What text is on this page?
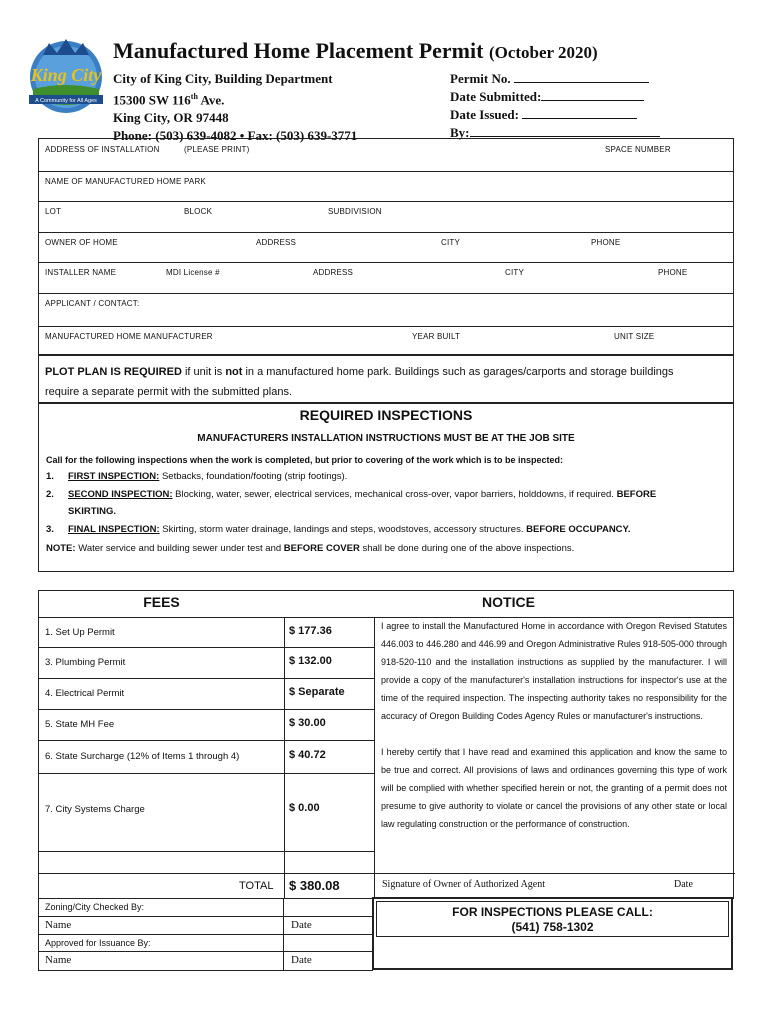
King City
A Community for All Ages
Manufactured Home Placement Permit (October 2020)
City of King City, Building Department
15300 SW 116th Ave.
King City, OR 97448
Phone: (503) 639-4082 • Fax: (503) 639-3771
Permit No.
Date Submitted:
Date Issued:
By:
ADDRESS OF INSTALLATION	(PLEASE PRINT)	SPACE NUMBER
NAME OF MANUFACTURED HOME PARK
LOT	BLOCK	SUBDIVISION
OWNER OF HOME	ADDRESS	CITY	PHONE
INSTALLER NAME	MDI License #	ADDRESS	CITY	PHONE
APPLICANT / CONTACT:
MANUFACTURED HOME MANUFACTURER	YEAR BUILT	UNIT SIZE
PLOT PLAN IS REQUIRED if unit is not in a manufactured home park. Buildings such as garages/carports and storage buildings
require a separate permit with the submitted plans.
REQUIRED INSPECTIONS
MANUFACTURERS INSTALLATION INSTRUCTIONS MUST BE AT THE JOB SITE
Call for the following inspections when the work is completed, but prior to covering of the work which is to be inspected:
1. FIRST INSPECTION: Setbacks, foundation/footing (strip footings).
2. SECOND INSPECTION: Blocking, water, sewer, electrical services, mechanical cross-over, vapor barriers, holddowns, if required. BEFORE
SKIRTING.
3. FINAL INSPECTION: Skirting, storm water drainage, landings and steps, woodstoves, accessory structures. BEFORE OCCUPANCY.
NOTE: Water service and building sewer under test and BEFORE COVER shall be done during one of the above inspections.
FEES	NOTICE
1. Set Up Permit	$ 177.36
3. Plumbing Permit	$ 132.00
4. Electrical Permit	$ Separate
5. State MH Fee	$ 30.00
6. State Surcharge (12% of Items 1 through 4)	$ 40.72
7. City Systems Charge	$ 0.00
TOTAL $ 380.08
I agree to install the Manufactured Home in accordance with Oregon Revised Statutes 446.003 to 446.280 and 446.99 and Oregon Administrative Rules 918-505-000 through 918-520-110 and the installation instructions as supplied by the manufacturer. I will provide a copy of the manufacturer's installation instructions for inspector's use at the time of the required inspection. The inspecting authority takes no responsibility for the accuracy of Oregon Building Codes Agency Rules or manufacturer's instructions.
I hereby certify that I have read and examined this application and know the same to be true and correct. All provisions of laws and ordinances governing this type of work will be complied with whether specified herein or not, the granting of a permit does not presume to give authority to violate or cancel the provisions of any other state or local law regulating construction or the performance of construction.
Signature of Owner of Authorized Agent	Date
Zoning/City Checked By:
Name	Date
Approved for Issuance By:
Name	Date
FOR INSPECTIONS PLEASE CALL:
(541) 758-1302
